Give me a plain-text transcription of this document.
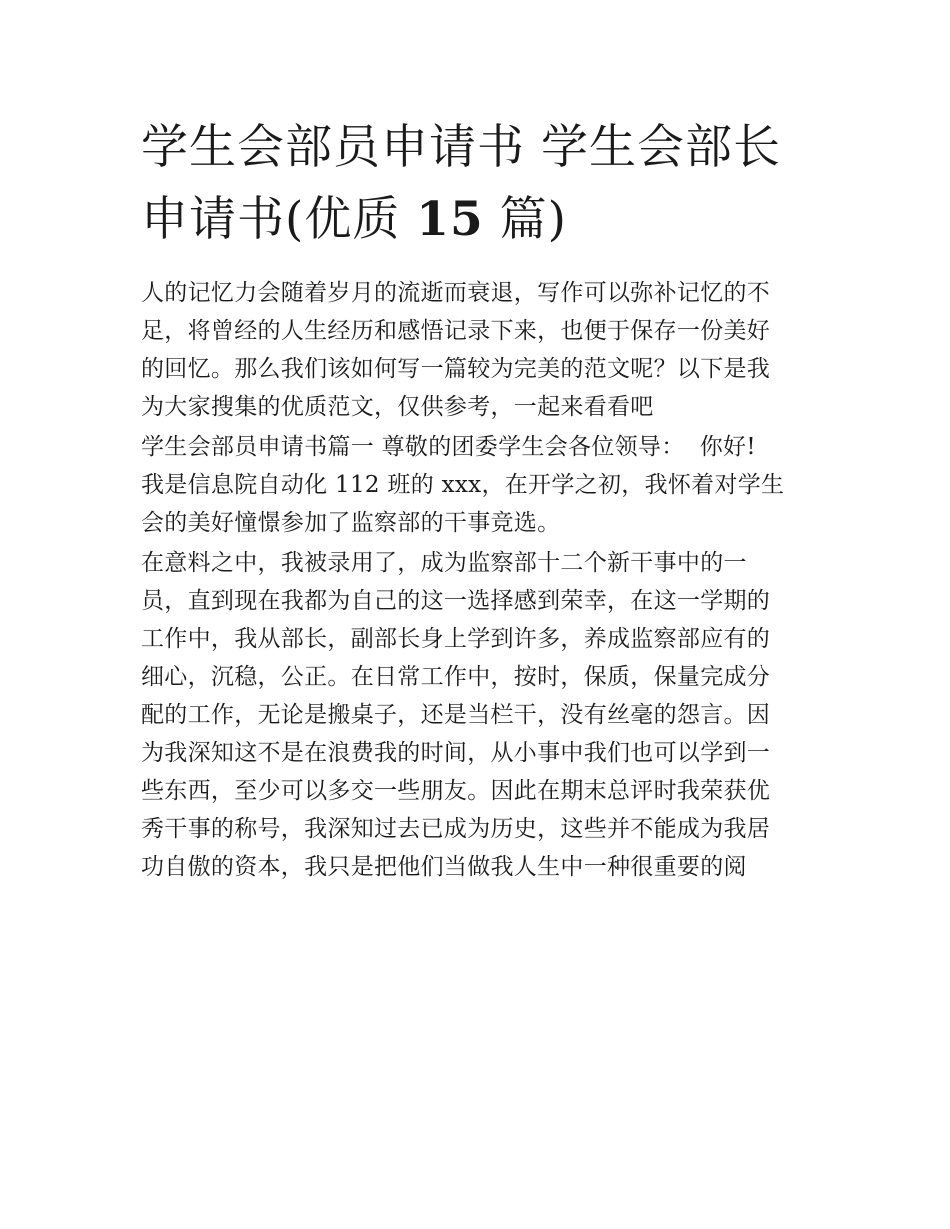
学生会部员申请书 学生会部长
申请书(优质 15 篇)

人的记忆力会随着岁月的流逝而衰退，写作可以弥补记忆的不
足，将曾经的人生经历和感悟记录下来，也便于保存一份美好
的回忆。那么我们该如何写一篇较为完美的范文呢？以下是我
为大家搜集的优质范文，仅供参考，一起来看看吧

学生会部员申请书篇一 尊敬的团委学生会各位领导：  你好!

我是信息院自动化 112 班的 xxx，在开学之初，我怀着对学生
会的美好憧憬参加了监察部的干事竞选。

在意料之中，我被录用了，成为监察部十二个新干事中的一
员，直到现在我都为自己的这一选择感到荣幸，在这一学期的
工作中，我从部长，副部长身上学到许多，养成监察部应有的
细心，沉稳，公正。在日常工作中，按时，保质，保量完成分
配的工作，无论是搬桌子，还是当栏干，没有丝毫的怨言。因
为我深知这不是在浪费我的时间，从小事中我们也可以学到一
些东西，至少可以多交一些朋友。因此在期末总评时我荣获优
秀干事的称号，我深知过去已成为历史，这些并不能成为我居
功自傲的资本，我只是把他们当做我人生中一种很重要的阅
